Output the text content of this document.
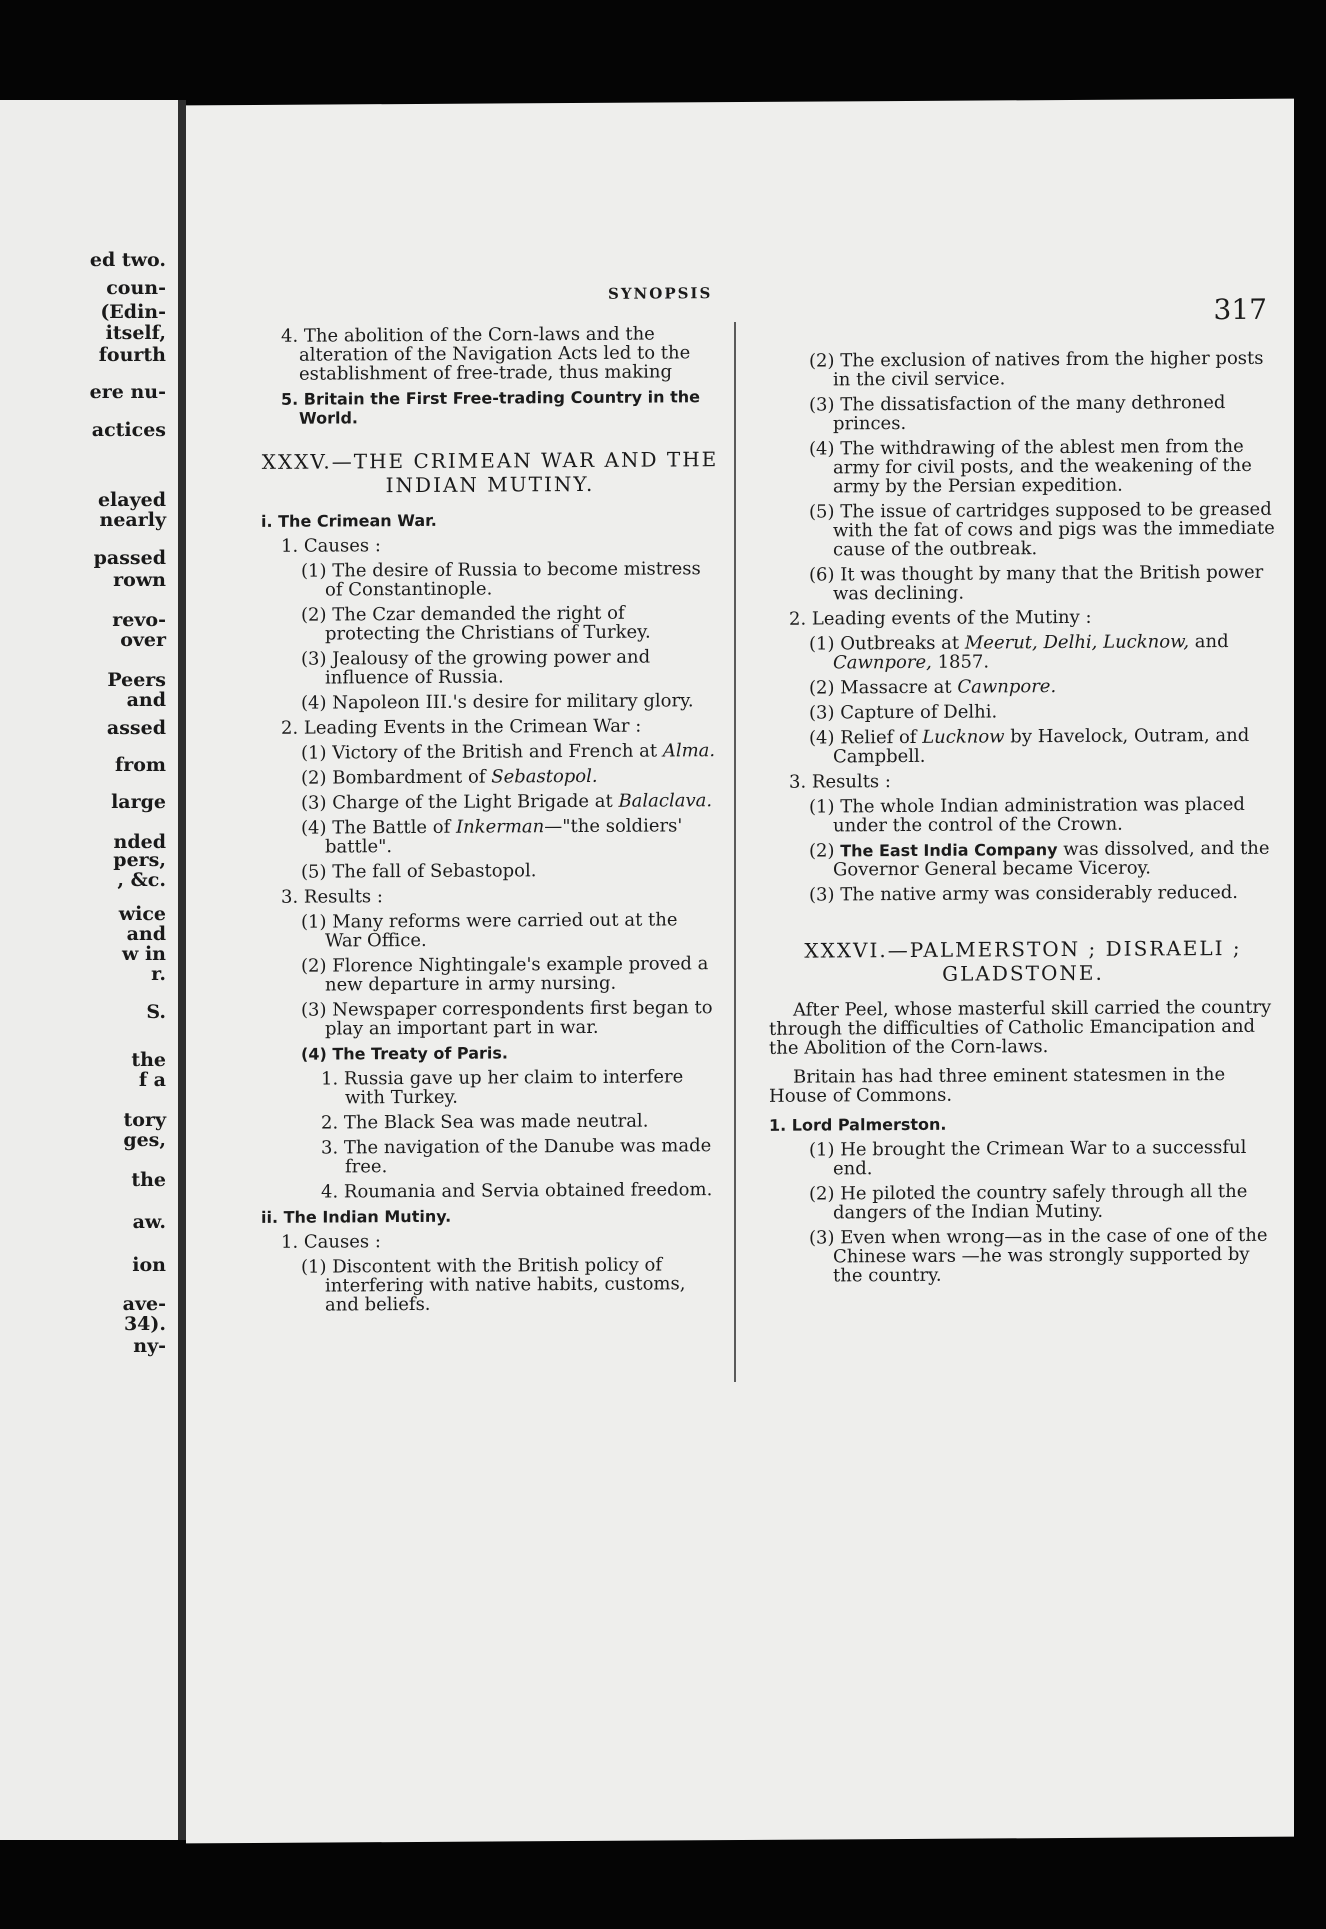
ed two.
coun-
(Edin-
itself,
fourth
ere nu-
actices
elayed
nearly
passed
rown
revo-
over
Peers
and
assed
from
large
nded
pers,
, &c.
wice
and
w in
r.
S.
the
f a
tory
ges,
the
aw.
ion
ave-
34).
ny-
SYNOPSIS	317

4. The abolition of the Corn-laws and the alteration of the Navigation Acts led to the establishment of free-trade, thus making

5. Britain the First Free-trading Country in the World.

XXXV.—THE CRIMEAN WAR AND THE INDIAN MUTINY.

i. The Crimean War.

1. Causes :

(1) The desire of Russia to become mistress of Constantinople.

(2) The Czar demanded the right of protecting the Christians of Turkey.

(3) Jealousy of the growing power and influence of Russia.

(4) Napoleon III.'s desire for military glory.

2. Leading Events in the Crimean War :

(1) Victory of the British and French at Alma.

(2) Bombardment of Sebastopol.

(3) Charge of the Light Brigade at Balaclava.

(4) The Battle of Inkerman—"the soldiers' battle".

(5) The fall of Sebastopol.

3. Results :

(1) Many reforms were carried out at the War Office.

(2) Florence Nightingale's example proved a new departure in army nursing.

(3) Newspaper correspondents first began to play an important part in war.

(4) The Treaty of Paris.

1. Russia gave up her claim to interfere with Turkey.

2. The Black Sea was made neutral.

3. The navigation of the Danube was made free.

4. Roumania and Servia obtained freedom.

ii. The Indian Mutiny.

1. Causes :

(1) Discontent with the British policy of interfering with native habits, customs, and beliefs.

(2) The exclusion of natives from the higher posts in the civil service.

(3) The dissatisfaction of the many dethroned princes.

(4) The withdrawing of the ablest men from the army for civil posts, and the weakening of the army by the Persian expedition.

(5) The issue of cartridges supposed to be greased with the fat of cows and pigs was the immediate cause of the outbreak.

(6) It was thought by many that the British power was declining.

2. Leading events of the Mutiny :

(1) Outbreaks at Meerut, Delhi, Lucknow, and Cawnpore, 1857.

(2) Massacre at Cawnpore.

(3) Capture of Delhi.

(4) Relief of Lucknow by Havelock, Outram, and Campbell.

3. Results :

(1) The whole Indian administration was placed under the control of the Crown.

(2) The East India Company was dissolved, and the Governor General became Viceroy.

(3) The native army was considerably reduced.

XXXVI.—PALMERSTON ; DISRAELI ; GLADSTONE.

After Peel, whose masterful skill carried the country through the difficulties of Catholic Emancipation and the Abolition of the Corn-laws.

Britain has had three eminent statesmen in the House of Commons.

1. Lord Palmerston.

(1) He brought the Crimean War to a successful end.

(2) He piloted the country safely through all the dangers of the Indian Mutiny.

(3) Even when wrong—as in the case of one of the Chinese wars —he was strongly supported by the country.
